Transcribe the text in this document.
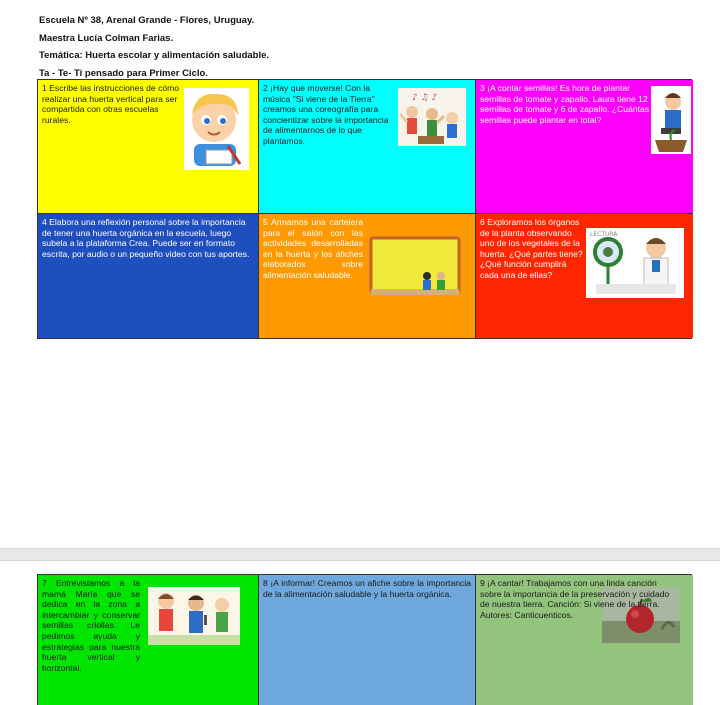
Escuela Nº 38, Arenal Grande - Flores, Uruguay.
Maestra Lucía Colman Farias.
Temática: Huerta escolar y alimentación saludable.
Ta - Te- Ti pensado para Primer Ciclo.
1 Escribe las instrucciones de cómo realizar una huerta vertical para ser compartida con otras escuelas rurales.
2 ¡Hay que moverse! Con la música "Si viene de la Tierra" creamos una coreografía para concientizar sobre la importancia de alimentarnos de lo que plantamos.
♪ ♫ ♪
3 ¡A contar semillas! Es hora de plantar semillas de tomate y zapallo. Laura tiene 12 semillas de tomate y 6 de zapallo. ¿Cuántas semillas puede plantar en total?
4 Elabora una reflexión personal sobre la importancia de tener una huerta orgánica en la escuela, luego subela a la plataforma Crea. Puede ser en formato escrita, por audio o un pequeño video con tus aportes.
5 Armamos una cartelera para el salón con las actividades desarrolladas en la huerta y los afiches elaborados sobre alimentación saludable.
6 Exploramos los órganos de la planta observando uno de los vegetales de la huerta. ¿Qué partes tiene? ¿Qué función cumplirá cada una de ellas?
LECTURA
7 Entrevistamos a la mamá María que se dedica en la zona a intercambiar y conservar semillas criollas. Le pedimos ayuda y estrategias para nuestra huerta vertical y horizontal.
8 ¡A informar! Creamos un afiche sobre la importancia de la alimentación saludable y la huerta orgánica.
9 ¡A cantar! Trabajamos con una linda canción sobre la importancia de la preservación y cuidado de nuestra tierra. Canción: Si viene de la tierra. Autores: Canticuenticos.
